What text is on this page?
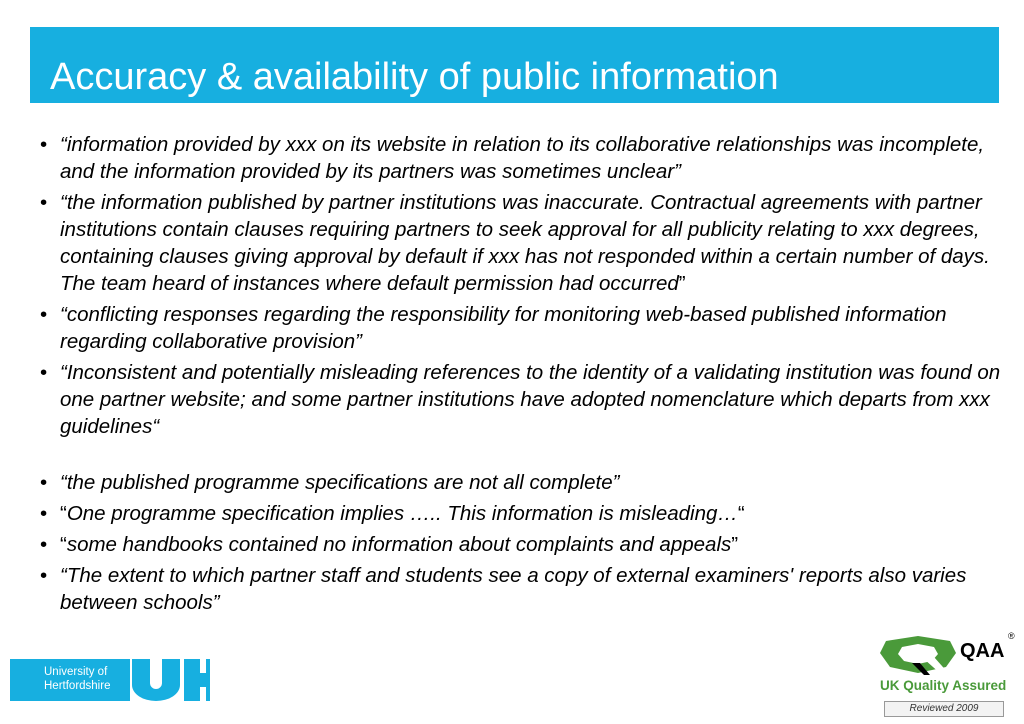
Accuracy & availability of public information
• “information provided by xxx on its website in relation to its collaborative relationships was incomplete, and the information provided by its partners was sometimes unclear”
• “the information published by partner institutions was inaccurate. Contractual agreements with partner institutions contain clauses requiring partners to seek approval for all publicity relating to xxx degrees, containing clauses giving approval by default if xxx has not responded within a certain number of days. The team heard of instances where default permission had occurred”
• “conflicting responses regarding the responsibility for monitoring web-based published information regarding collaborative provision”
• “Inconsistent and potentially misleading references to the identity of a validating institution was found on one partner website; and some partner institutions have adopted nomenclature which departs from xxx guidelines“
• “the published programme specifications are not all complete”
• “One programme specification implies ….. This information is misleading…“
• “some handbooks contained no information about complaints and appeals”
• “The extent to which partner staff and students see a copy of external examiners' reports also varies between schools”
University of
Hertfordshire
QAA
®
UK Quality Assured
Reviewed 2009
